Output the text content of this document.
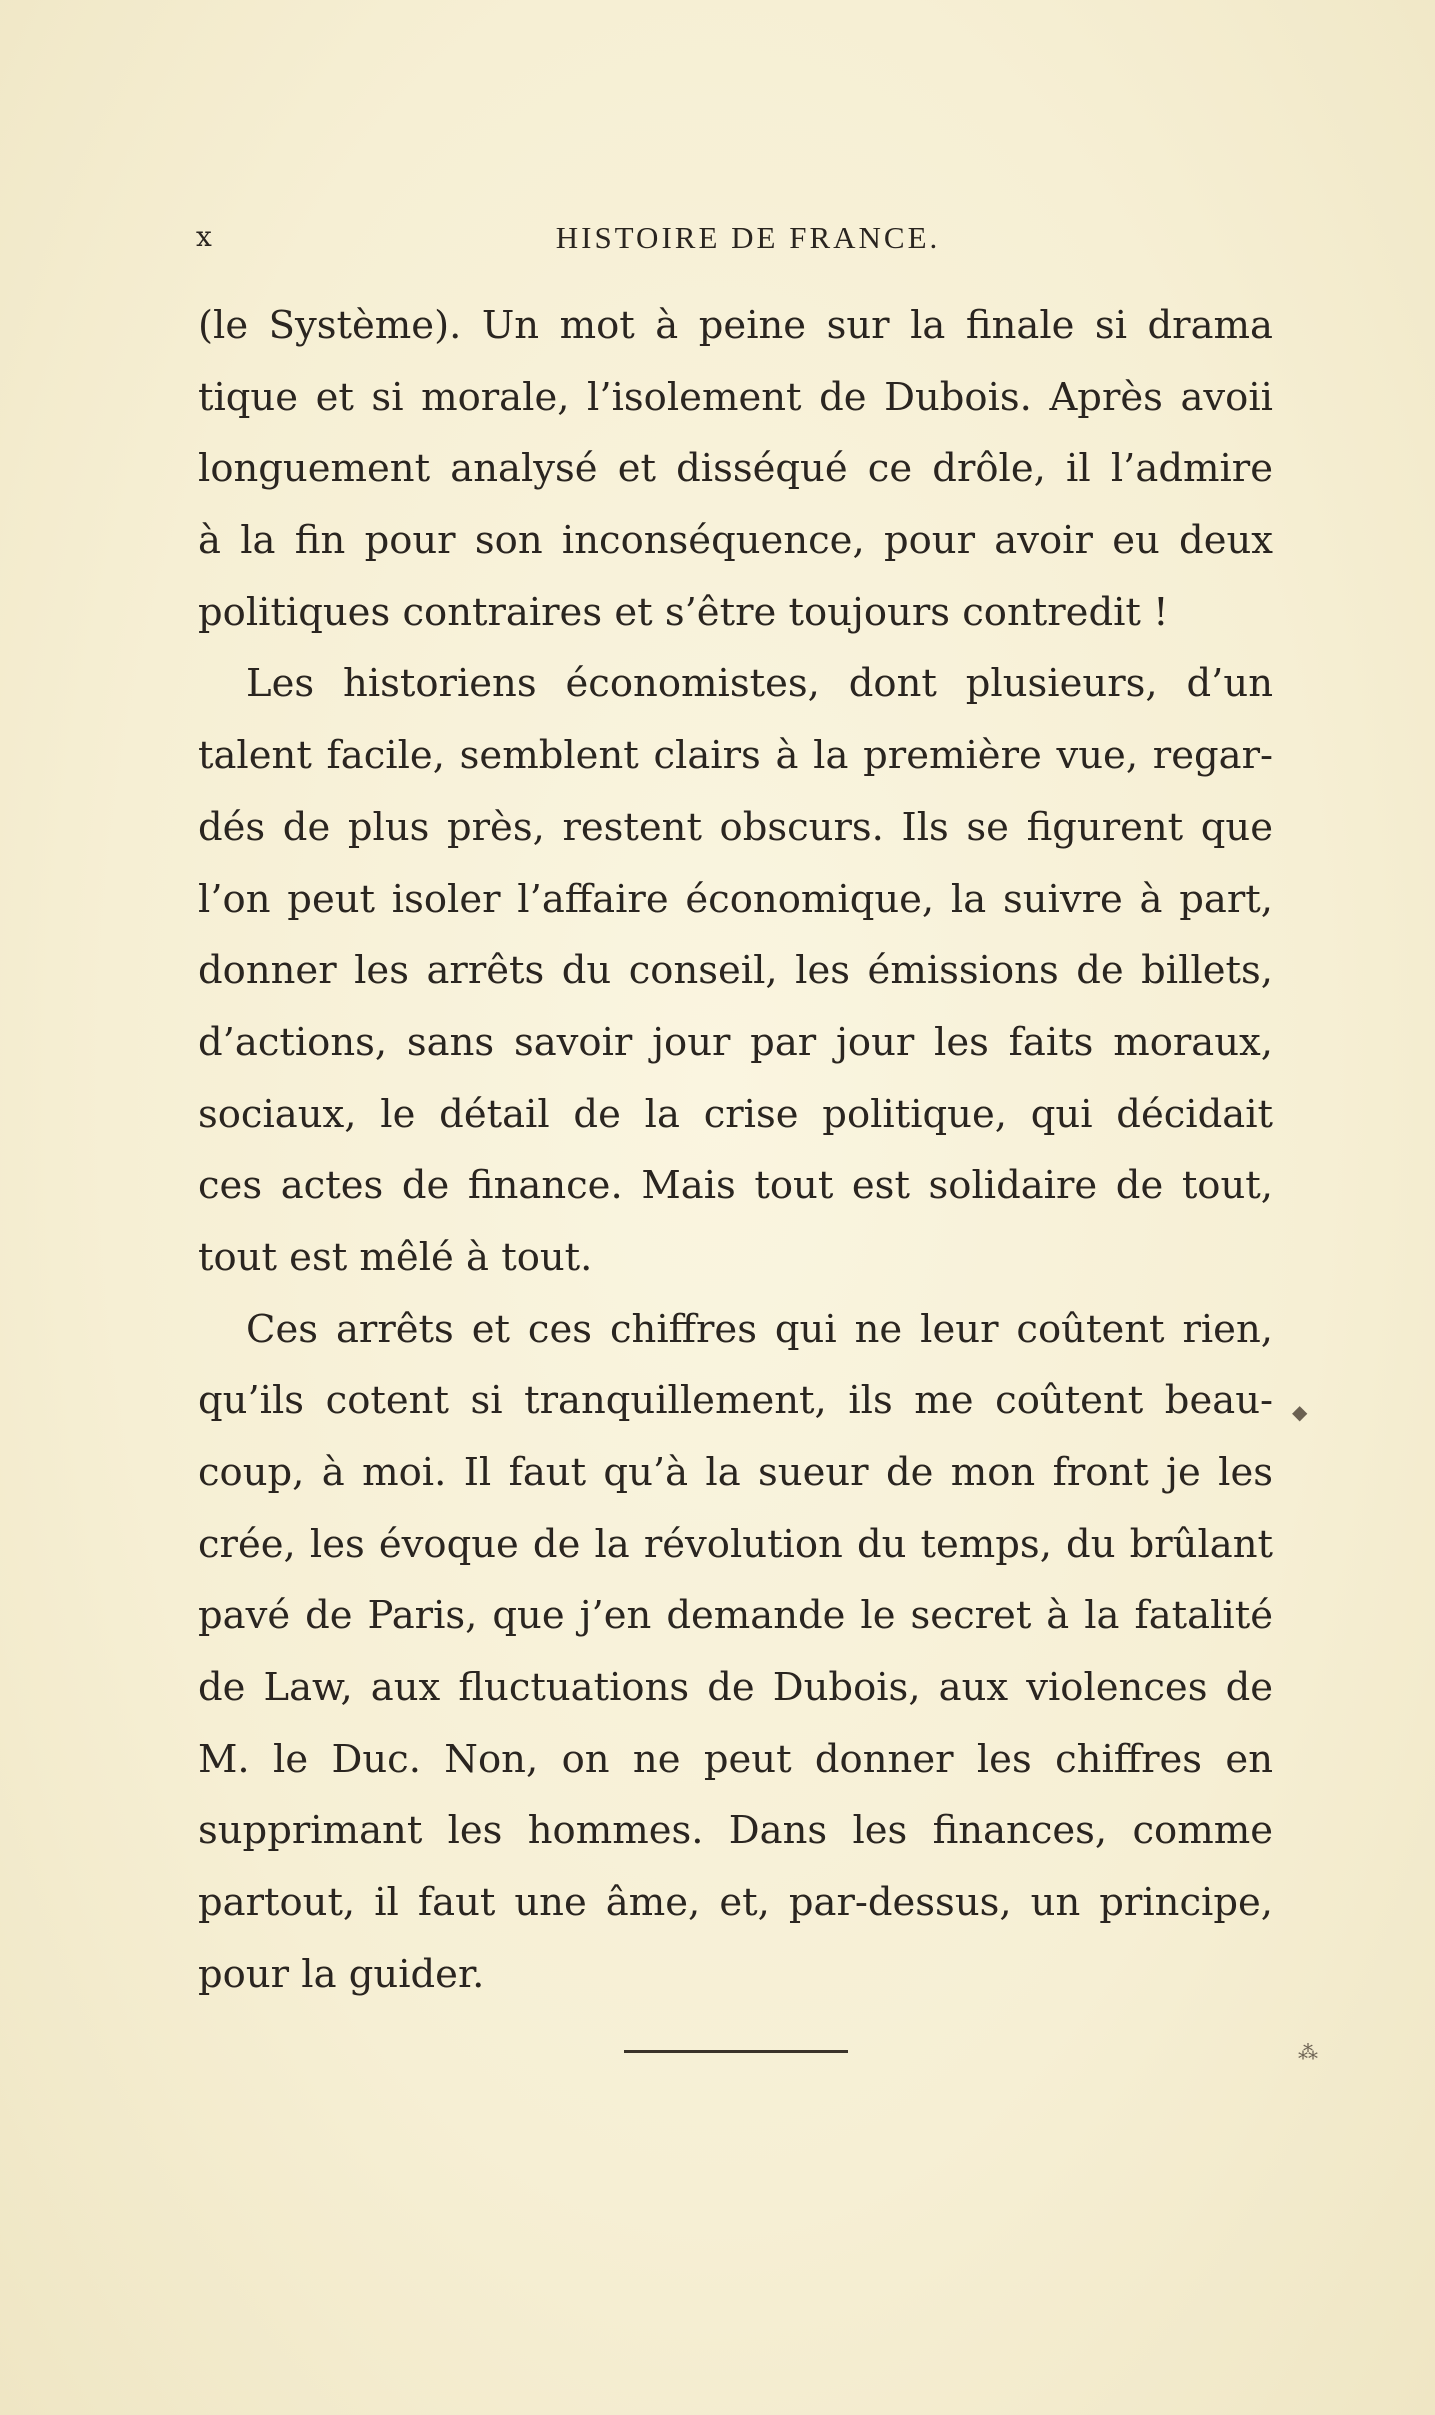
x	HISTOIRE DE FRANCE.
(le Système). Un mot à peine sur la finale si drama
tique et si morale, l’isolement de Dubois. Après avoii
longuement analysé et disséqué ce drôle, il l’admire
à la fin pour son inconséquence, pour avoir eu deux
politiques contraires et s’être toujours contredit !
Les historiens économistes, dont plusieurs, d’un
talent facile, semblent clairs à la première vue, regar-
dés de plus près, restent obscurs. Ils se figurent que
l’on peut isoler l’affaire économique, la suivre à part,
donner les arrêts du conseil, les émissions de billets,
d’actions, sans savoir jour par jour les faits moraux,
sociaux, le détail de la crise politique, qui décidait
ces actes de finance. Mais tout est solidaire de tout,
tout est mêlé à tout.
Ces arrêts et ces chiffres qui ne leur coûtent rien,
qu’ils cotent si tranquillement, ils me coûtent beau-
coup, à moi. Il faut qu’à la sueur de mon front je les
crée, les évoque de la révolution du temps, du brûlant
pavé de Paris, que j’en demande le secret à la fatalité
de Law, aux fluctuations de Dubois, aux violences de
M. le Duc. Non, on ne peut donner les chiffres en
supprimant les hommes. Dans les finances, comme
partout, il faut une âme, et, par-dessus, un principe,
pour la guider.
◆
⁂
